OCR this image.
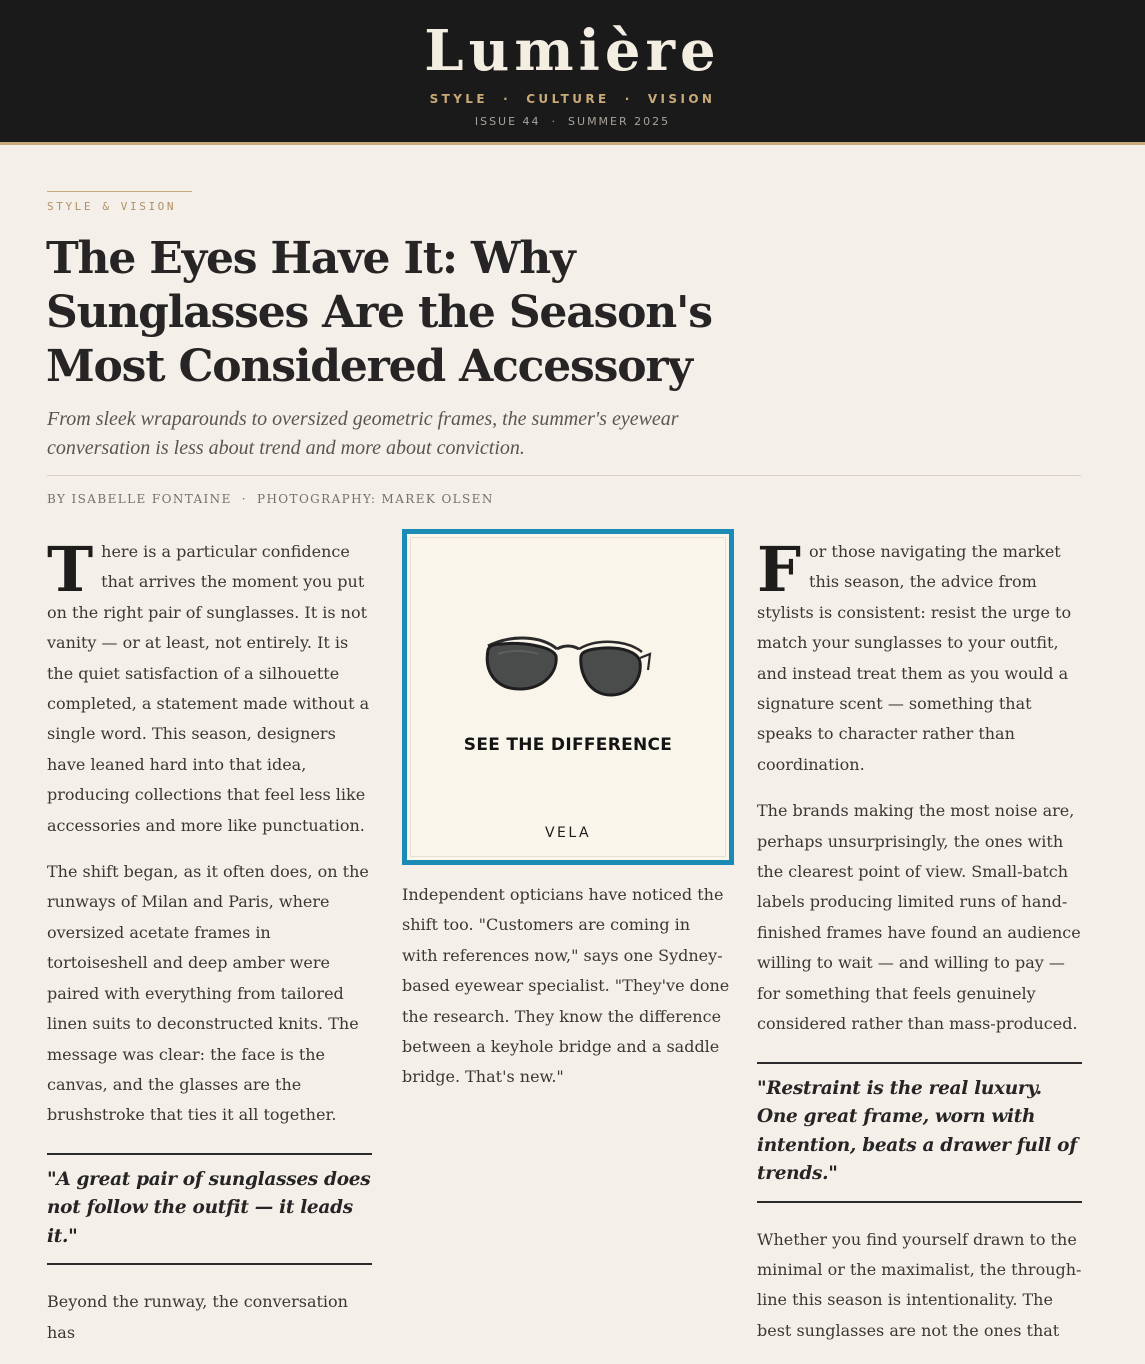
Lumière
STYLE  ·  CULTURE  ·  VISION
ISSUE 44  ·  SUMMER 2025
STYLE & VISION
The Eyes Have It: Why Sunglasses Are the Season's Most Considered Accessory

From sleek wraparounds to oversized geometric frames, the summer's eyewear conversation is less about trend and more about conviction.

BY ISABELLE FONTAINE · PHOTOGRAPHY: MAREK OLSEN

There is a particular confidence that arrives the moment you put on the right pair of sunglasses. It is not vanity — or at least, not entirely. It is the quiet satisfaction of a silhouette completed, a statement made without a single word. This season, designers have leaned hard into that idea, producing collections that feel less like accessories and more like punctuation.

The shift began, as it often does, on the runways of Milan and Paris, where oversized acetate frames in tortoiseshell and deep amber were paired with everything from tailored linen suits to deconstructed knits. The message was clear: the face is the canvas, and the glasses are the brushstroke that ties it all together.

"A great pair of sunglasses does not follow the outfit — it leads it."

Beyond the runway, the conversation has

SEE THE DIFFERENCE
VELA

Independent opticians have noticed the shift too. "Customers are coming in with references now," says one Sydney-based eyewear specialist. "They've done the research. They know the difference between a keyhole bridge and a saddle bridge. That's new."

For those navigating the market this season, the advice from stylists is consistent: resist the urge to match your sunglasses to your outfit, and instead treat them as you would a signature scent — something that speaks to character rather than coordination.

The brands making the most noise are, perhaps unsurprisingly, the ones with the clearest point of view. Small-batch labels producing limited runs of hand-finished frames have found an audience willing to wait — and willing to pay — for something that feels genuinely considered rather than mass-produced.

"Restraint is the real luxury. One great frame, worn with intention, beats a drawer full of trends."

Whether you find yourself drawn to the minimal or the maximalist, the through-line this season is intentionality. The best sunglasses are not the ones that
